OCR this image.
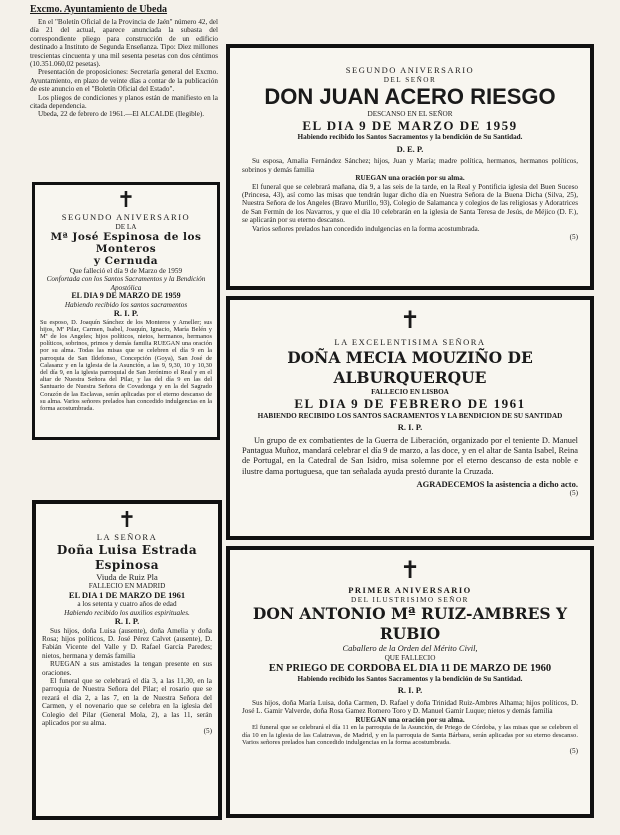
Excmo. Ayuntamiento de Ubeda

En el "Boletín Oficial de la Provincia de Jaén" número 42, del día 21 del actual, aparece anunciada la subasta del correspondiente pliego para construcción de un edificio destinado a Instituto de Segunda Enseñanza. Tipo: Diez millones trescientas cincuenta y una mil sesenta pesetas con dos céntimos (10.351.060,02 pesetas).

Presentación de proposiciones: Secretaría general del Excmo. Ayuntamiento, en plazo de veinte días a contar de la publicación de este anuncio en el "Boletín Oficial del Estado".

Los pliegos de condiciones y planos están de manifiesto en la citada dependencia.

Ubeda, 22 de febrero de 1961.—El ALCALDE (Ilegible).

✝

SEGUNDO ANIVERSARIO

DE LA

Mª José Espinosa de los Monteros

y Cernuda

Que falleció el día 9 de Marzo de 1959

Confortada con los Santos Sacramentos y la Bendición Apostólica

EL DIA 9 DE MARZO DE 1959

Habiendo recibido los santos sacramentos

R. I. P.

Su esposo, D. Joaquín Sánchez de los Monteros y Ameller; sus hijos, Mª Pilar, Carmen, Isabel, Joaquín, Ignacio, María Belén y Mª de los Angeles; hijos políticos, nietos, hermanos, hermanos políticos, sobrinos, primos y demás familia RUEGAN una oración por su alma. Todas las misas que se celebren el día 9 en la parroquia de San Ildefonso, Concepción (Goya), San José de Calasanz y en la iglesia de la Asunción, a las 9, 9,30, 10 y 10,30 del día 9, en la iglesia parroquial de San Jerónimo el Real y en el altar de Nuestra Señora del Pilar, y las del día 9 en las del Santuario de Nuestra Señora de Covadonga y en la del Sagrado Corazón de las Esclavas, serán aplicadas por el eterno descanso de su alma. Varios señores prelados han concedido indulgencias en la forma acostumbrada.

✝

LA SEÑORA

Doña Luisa Estrada Espinosa

Viuda de Ruiz Pla

FALLECIO EN MADRID

EL DIA 1 DE MARZO DE 1961

a los setenta y cuatro años de edad

Habiendo recibido los auxilios espirituales.

R. I. P.

Sus hijos, doña Luisa (ausente), doña Amelia y doña Rosa; hijos políticos, D. José Pérez Calvet (ausente), D. Fabián Vicente del Valle y D. Rafael García Paredes; nietos, hermana y demás familia

RUEGAN a sus amistades la tengan presente en sus oraciones.

El funeral que se celebrará el día 3, a las 11,30, en la parroquia de Nuestra Señora del Pilar; el rosario que se rezará el día 2, a las 7, en la de Nuestra Señora del Carmen, y el novenario que se celebra en la iglesia del Colegio del Pilar (General Mola, 2), a las 11, serán aplicados por su alma.

(5)

SEGUNDO ANIVERSARIO

DEL SEÑOR

DON JUAN ACERO RIESGO

DESCANSO EN EL SEÑOR

EL DIA 9 DE MARZO DE 1959

Habiendo recibido los Santos Sacramentos y la bendición de Su Santidad.

D. E. P.

Su esposa, Amalia Fernández Sánchez; hijos, Juan y María; madre política, hermanos, hermanos políticos, sobrinos y demás familia

RUEGAN una oración por su alma.

El funeral que se celebrará mañana, día 9, a las seis de la tarde, en la Real y Pontificia iglesia del Buen Suceso (Princesa, 43), así como las misas que tendrán lugar dicho día en Nuestra Señora de la Buena Dicha (Silva, 25), Nuestra Señora de los Angeles (Bravo Murillo, 93), Colegio de Salamanca y colegios de las religiosas y Adoratrices de San Fermín de los Navarros, y que el día 10 celebrarán en la iglesia de Santa Teresa de Jesús, de Méjico (D. F.), se aplicarán por su eterno descanso.

Varios señores prelados han concedido indulgencias en la forma acostumbrada.

(5)

✝

LA EXCELENTISIMA SEÑORA

DOÑA MECIA MOUZIÑO DE ALBURQUERQUE

FALLECIO EN LISBOA

EL DIA 9 DE FEBRERO DE 1961

HABIENDO RECIBIDO LOS SANTOS SACRAMENTOS Y LA BENDICION DE SU SANTIDAD

R. I. P.

Un grupo de ex combatientes de la Guerra de Liberación, organizado por el teniente D. Manuel Pantagua Muñoz, mandará celebrar el día 9 de marzo, a las doce, y en el altar de Santa Isabel, Reina de Portugal, en la Catedral de San Isidro, misa solemne por el eterno descanso de esta noble e ilustre dama portuguesa, que tan señalada ayuda prestó durante la Cruzada.

AGRADECEMOS la asistencia a dicho acto.

(5)

✝

PRIMER ANIVERSARIO

DEL ILUSTRISIMO SEÑOR

DON ANTONIO Mª RUIZ-AMBRES Y RUBIO

Caballero de la Orden del Mérito Civil,

QUE FALLECIO

EN PRIEGO DE CORDOBA EL DIA 11 DE MARZO DE 1960

Habiendo recibido los Santos Sacramentos y la bendición de Su Santidad.

R. I. P.

Sus hijos, doña María Luisa, doña Carmen, D. Rafael y doña Trinidad Ruiz-Ambres Alhama; hijos políticos, D. José L. Gamir Valverde, doña Rosa Gamez Romero Toro y D. Manuel Gamir Luque; nietos y demás familia

RUEGAN una oración por su alma.

El funeral que se celebrará el día 11 en la parroquia de la Asunción, de Priego de Córdoba, y las misas que se celebren el día 10 en la iglesia de las Calatravas, de Madrid, y en la parroquia de Santa Bárbara, serán aplicadas por su eterno descanso. Varios señores prelados han concedido indulgencias en la forma acostumbrada.

(5)
